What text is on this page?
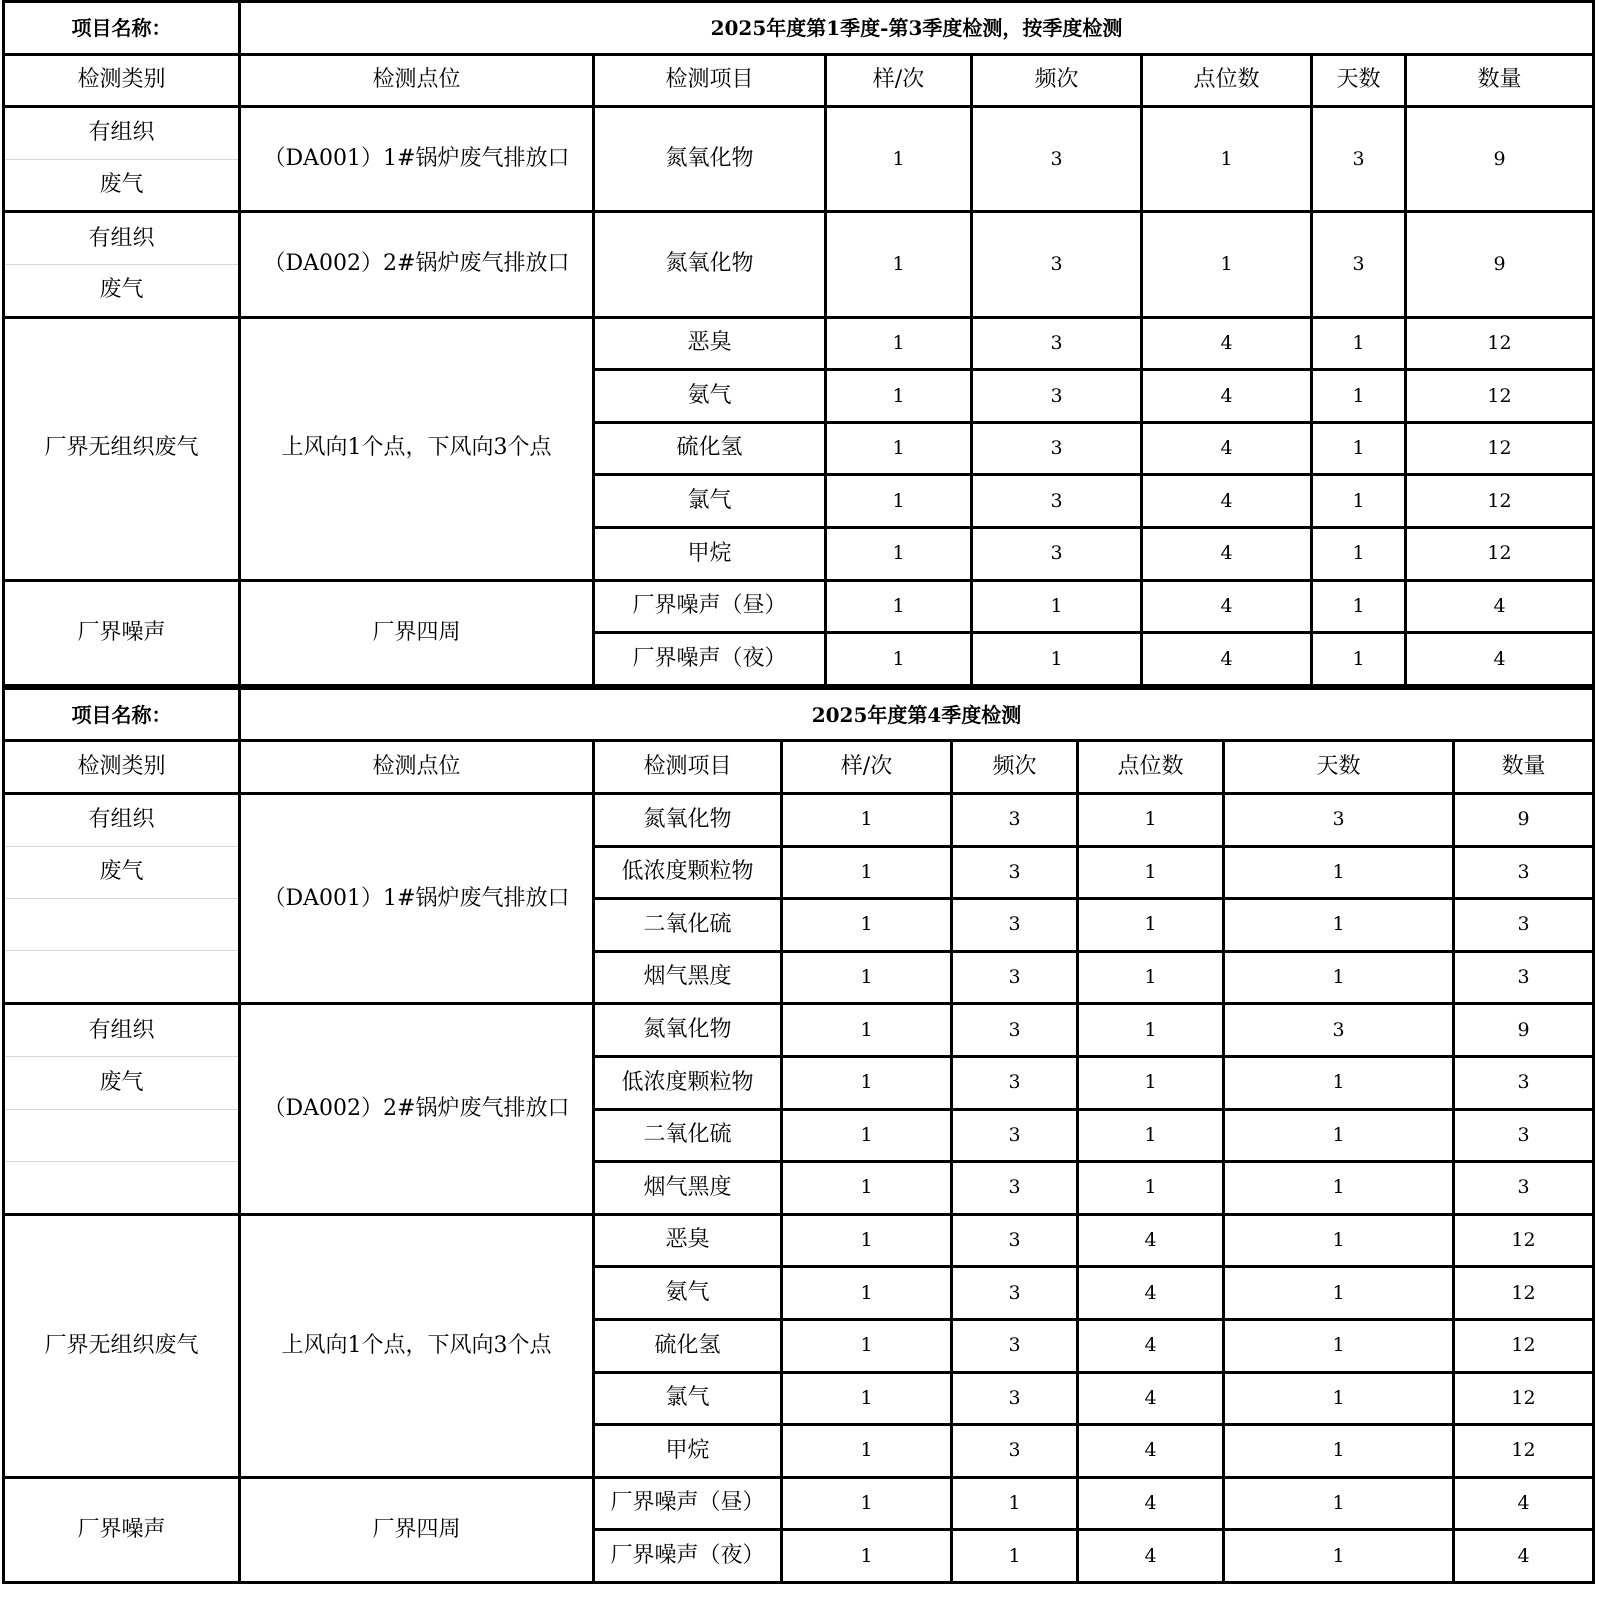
项目名称：	2025年度第1季度-第3季度检测，按季度检测						
检测类别	检测点位	检测项目	样/次	频次	点位数	天数	数量

有组织
废气	（DA001）1#锅炉废气排放口	氮氧化物	1	3	1	3	9

有组织
废气	（DA002）2#锅炉废气排放口	氮氧化物	1	3	1	3	9

厂界无组织废气	上风向1个点，下风向3个点	恶臭	1	3	4	1	12
		氨气	1	3	4	1	12
		硫化氢	1	3	4	1	12
		氯气	1	3	4	1	12
		甲烷	1	3	4	1	12

厂界噪声	厂界四周	厂界噪声（昼）	1	1	4	1	4
		厂界噪声（夜）	1	1	4	1	4
项目名称：	2025年度第4季度检测						
检测类别	检测点位	检测项目	样/次	频次	点位数	天数	数量

有组织
废气	（DA001）1#锅炉废气排放口	氮氧化物	1	3	1	3	9
		低浓度颗粒物	1	3	1	1	3
		二氧化硫	1	3	1	1	3
		烟气黑度	1	3	1	1	3

有组织
废气	（DA002）2#锅炉废气排放口	氮氧化物	1	3	1	3	9
		低浓度颗粒物	1	3	1	1	3
		二氧化硫	1	3	1	1	3
		烟气黑度	1	3	1	1	3

厂界无组织废气	上风向1个点，下风向3个点	恶臭	1	3	4	1	12
		氨气	1	3	4	1	12
		硫化氢	1	3	4	1	12
		氯气	1	3	4	1	12
		甲烷	1	3	4	1	12

厂界噪声	厂界四周	厂界噪声（昼）	1	1	4	1	4
		厂界噪声（夜）	1	1	4	1	4
